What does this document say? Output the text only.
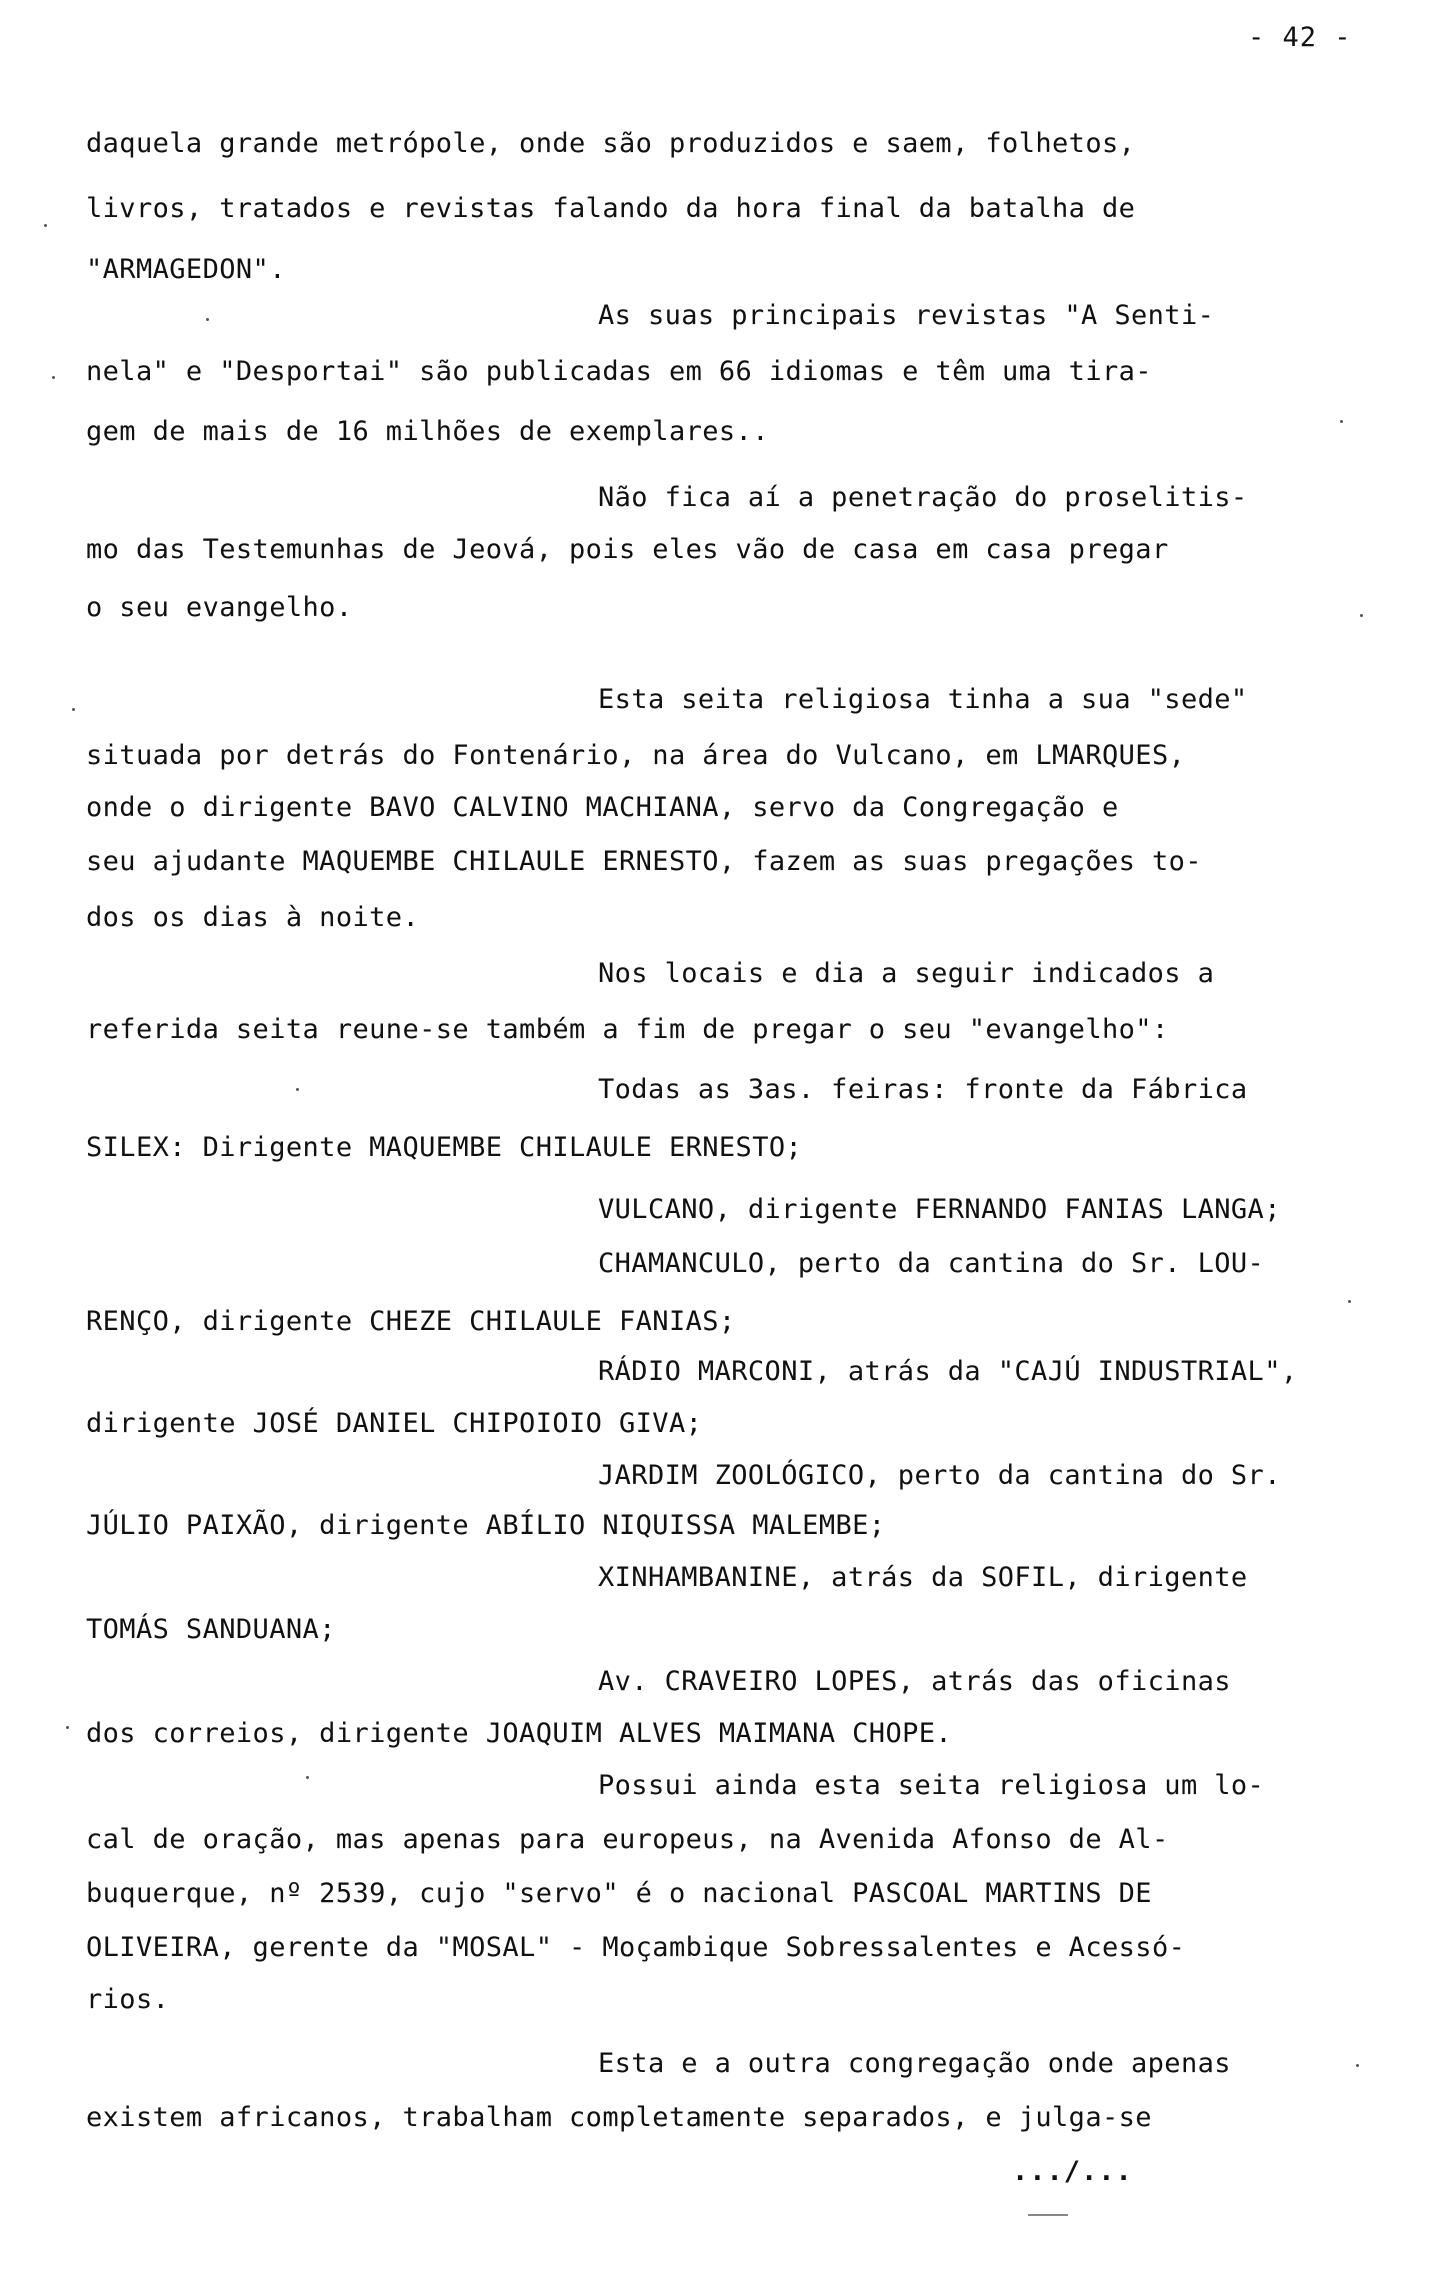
- 42 -
daquela grande metrópole, onde são produzidos e saem, folhetos,
livros, tratados e revistas falando da hora final da batalha de
"ARMAGEDON".
As suas principais revistas "A Senti-
nela" e "Desportai" são publicadas em 66 idiomas e têm uma tira-
gem de mais de 16 milhões de exemplares..
Não fica aí a penetração do proselitis-
mo das Testemunhas de Jeová, pois eles vão de casa em casa pregar
o seu evangelho.
Esta seita religiosa tinha a sua "sede"
situada por detrás do Fontenário, na área do Vulcano, em LMARQUES,
onde o dirigente BAVO CALVINO MACHIANA, servo da Congregação e
seu ajudante MAQUEMBE CHILAULE ERNESTO, fazem as suas pregações to-
dos os dias à noite.
Nos locais e dia a seguir indicados a
referida seita reune-se também a fim de pregar o seu "evangelho":
Todas as 3as. feiras: fronte da Fábrica
SILEX: Dirigente MAQUEMBE CHILAULE ERNESTO;
VULCANO, dirigente FERNANDO FANIAS LANGA;
CHAMANCULO, perto da cantina do Sr. LOU-
RENÇO, dirigente CHEZE CHILAULE FANIAS;
RÁDIO MARCONI, atrás da "CAJÚ INDUSTRIAL",
dirigente JOSÉ DANIEL CHIPOIOIO GIVA;
JARDIM ZOOLÓGICO, perto da cantina do Sr.
JÚLIO PAIXÃO, dirigente ABÍLIO NIQUISSA MALEMBE;
XINHAMBANINE, atrás da SOFIL, dirigente
TOMÁS SANDUANA;
Av. CRAVEIRO LOPES, atrás das oficinas
dos correios, dirigente JOAQUIM ALVES MAIMANA CHOPE.
Possui ainda esta seita religiosa um lo-
cal de oração, mas apenas para europeus, na Avenida Afonso de Al-
buquerque, nº 2539, cujo "servo" é o nacional PASCOAL MARTINS DE
OLIVEIRA, gerente da "MOSAL" - Moçambique Sobressalentes e Acessó-
rios.
Esta e a outra congregação onde apenas
existem africanos, trabalham completamente separados, e julga-se
.../...
